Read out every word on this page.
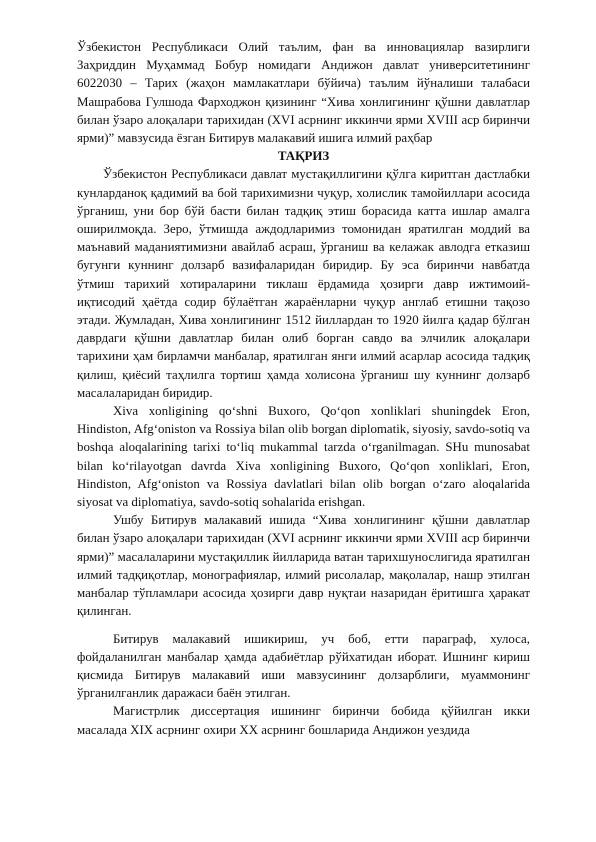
Ўзбекистон Республикаси Олий таълим, фан ва инновациялар вазирлиги Заҳриддин Муҳаммад Бобур номидаги Андижон давлат университетининг 6022030 – Тарих (жаҳон мамлакатлари бўйича) таълим йўналиши талабаси Машрабова Гулшода Фарходжон қизининг “Хива хонлигининг қўшни давлатлар билан ўзаро алоқалари тарихидан (XVI асрнинг иккинчи ярми XVIII аср биринчи ярми)” мавзусида ёзган Битирув малакавий ишига илмий раҳбар

ТАҚРИЗ

Ўзбекистон Республикаси давлат мустақиллигини қўлга киритган дастлабки кунларданоқ қадимий ва бой тарихимизни чуқур, холислик тамойиллари асосида ўрганиш, уни бор бўй басти билан тадқиқ этиш борасида катта ишлар амалга оширилмоқда. Зеро, ўтмишда аждодларимиз томонидан яратилган моддий ва маънавий маданиятимизни авайлаб асраш, ўрганиш ва келажак авлодга етказиш бугунги куннинг долзарб вазифаларидан биридир. Бу эса биринчи навбатда ўтмиш тарихий хотираларини тиклаш ёрдамида ҳозирги давр ижтимоий-иқтисодий ҳаётда содир бўлаётган жараёнларни чуқур англаб етишни тақозо этади. Жумладан, Хива хонлигининг 1512 йиллардан то 1920 йилга қадар бўлган даврдаги қўшни давлатлар билан олиб борган савдо ва элчилик алоқалари тарихини ҳам бирламчи манбалар, яратилган янги илмий асарлар асосида тадқиқ қилиш, қиёсий таҳлилга тортиш ҳамда холисона ўрганиш шу куннинг долзарб масалаларидан биридир.

Xiva xonligining qo‘shni Buxoro, Qo‘qon xonliklari shuningdek Eron, Hindiston, Afg‘oniston va Rossiya bilan olib borgan diplomatik, siyosiy, savdo-sotiq va boshqa aloqalarining tarixi to‘liq mukammal tarzda o‘rganilmagan. SHu munosabat bilan ko‘rilayotgan davrda Xiva xonligining Buxoro, Qo‘qon xonliklari, Eron, Hindiston, Afg‘oniston va Rossiya davlatlari bilan olib borgan o‘zaro aloqalarida siyosat va diplomatiya, savdo-sotiq sohalarida erishgan.

Ушбу Битирув малакавий ишида “Хива хонлигининг қўшни давлатлар билан ўзаро алоқалари тарихидан (XVI асрнинг иккинчи ярми XVIII аср биринчи ярми)” масалаларини мустақиллик йилларида ватан тарихшунослигида яратилган илмий тадқиқотлар, монографиялар, илмий рисолалар, мақолалар, нашр этилган манбалар тўпламлари асосида ҳозирги давр нуқтаи назаридан ёритишга ҳаракат қилинган.

Битирув малакавий ишикириш, уч боб, етти параграф, хулоса, фойдаланилган манбалар ҳамда адабиётлар рўйхатидан иборат. Ишнинг кириш қисмида Битирув малакавий иши мавзусининг долзарблиги, муаммонинг ўрганилганлик даражаси баён этилган.

Магистрлик диссертация ишининг биринчи бобида қўйилган икки масалада XIX асрнинг охири XX асрнинг бошларида Андижон уездида
